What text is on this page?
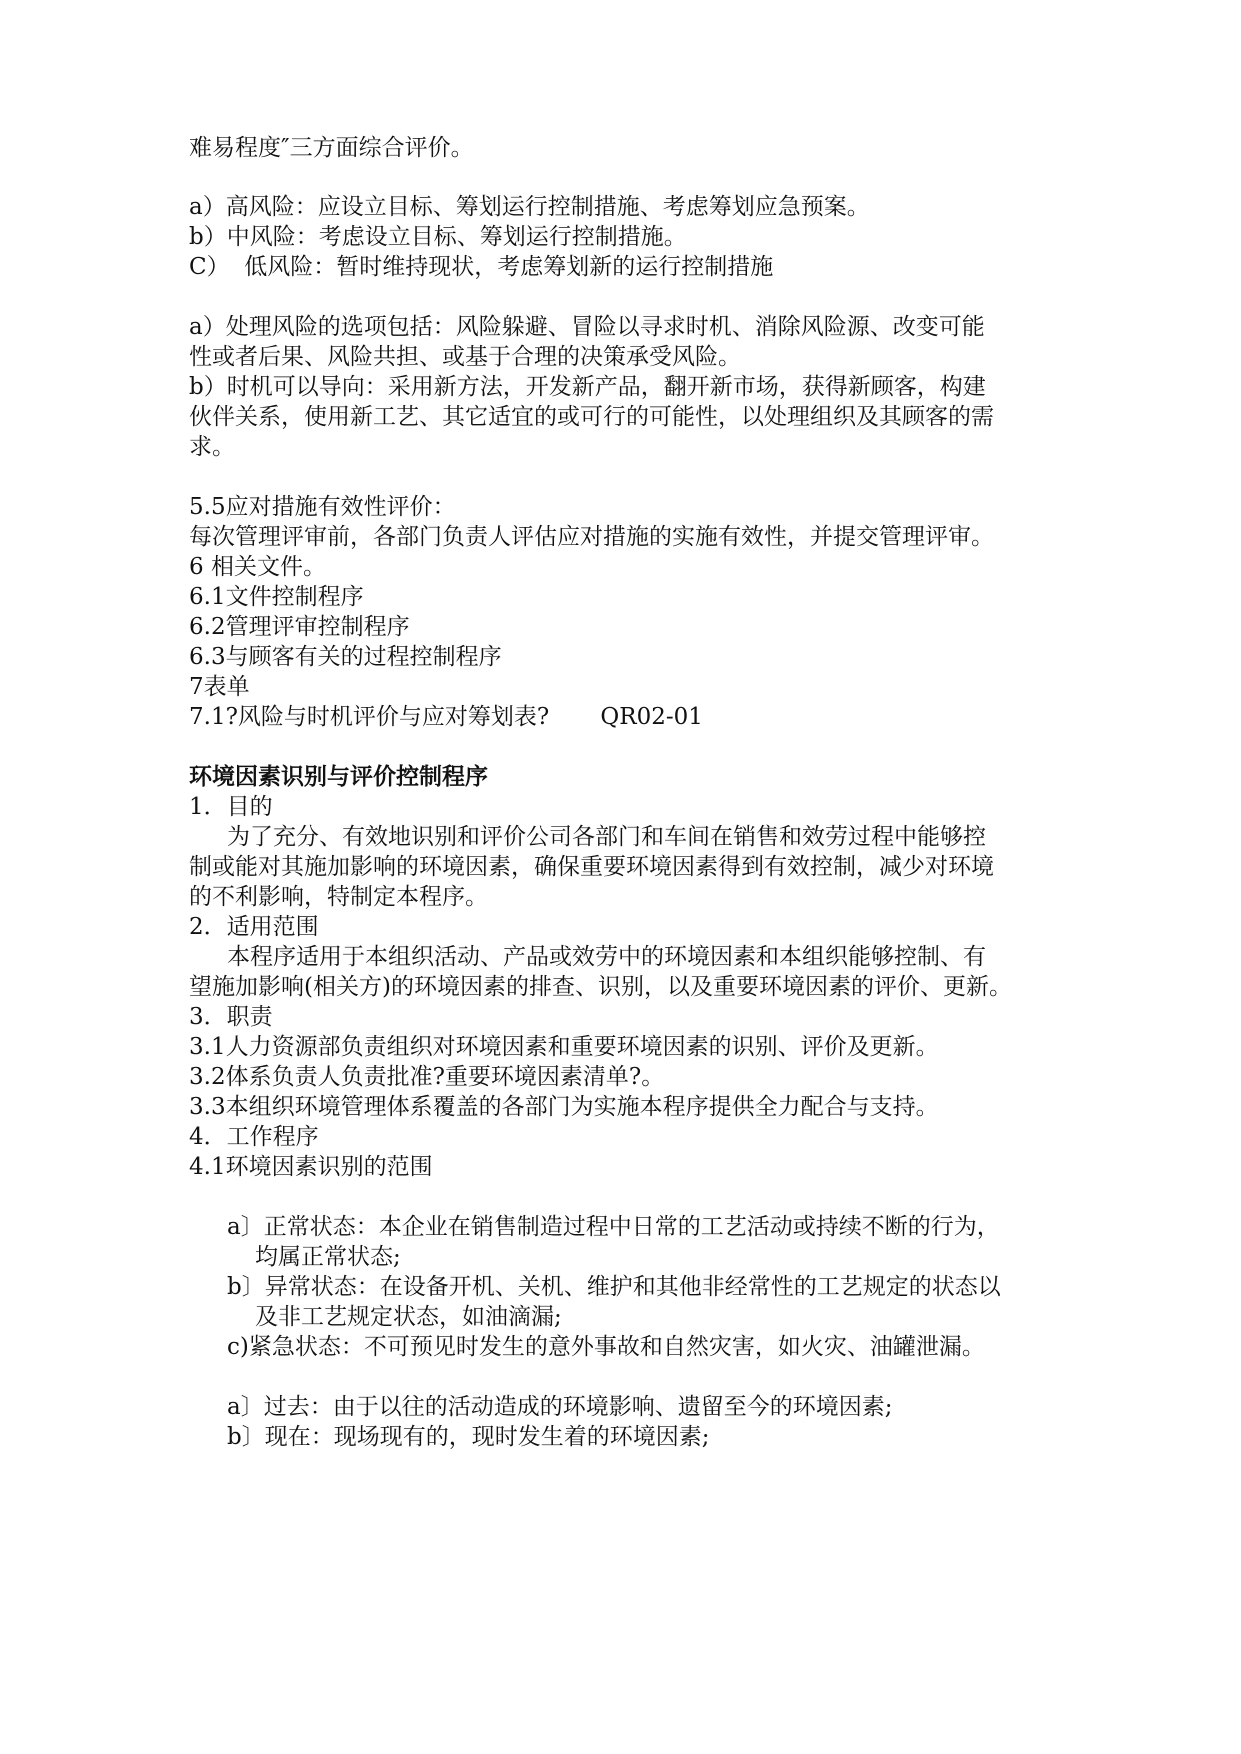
难易程度″三方面综合评价。
a）高风险：应设立目标、筹划运行控制措施、考虑筹划应急预案。
b）中风险：考虑设立目标、筹划运行控制措施。
C）  低风险：暂时维持现状，考虑筹划新的运行控制措施
a）处理风险的选项包括：风险躲避、冒险以寻求时机、消除风险源、改变可能
性或者后果、风险共担、或基于合理的决策承受风险。
b）时机可以导向：采用新方法，开发新产品，翻开新市场，获得新顾客，构建
伙伴关系，使用新工艺、其它适宜的或可行的可能性，以处理组织及其顾客的需
求。
5.5应对措施有效性评价：
每次管理评审前，各部门负责人评估应对措施的实施有效性，并提交管理评审。
6 相关文件。
6.1文件控制程序
6.2管理评审控制程序
6.3与顾客有关的过程控制程序
7表单
7.1?风险与时机评价与应对筹划表?       QR02-01
环境因素识别与评价控制程序
1．目的
为了充分、有效地识别和评价公司各部门和车间在销售和效劳过程中能够控
制或能对其施加影响的环境因素，确保重要环境因素得到有效控制，减少对环境
的不利影响，特制定本程序。
2．适用范围
本程序适用于本组织活动、产品或效劳中的环境因素和本组织能够控制、有
望施加影响(相关方)的环境因素的排查、识别，以及重要环境因素的评价、更新。
3．职责
3.1人力资源部负责组织对环境因素和重要环境因素的识别、评价及更新。
3.2体系负责人负责批准?重要环境因素清单?。
3.3本组织环境管理体系覆盖的各部门为实施本程序提供全力配合与支持。
4．工作程序
4.1环境因素识别的范围
a〕正常状态：本企业在销售制造过程中日常的工艺活动或持续不断的行为，
均属正常状态;
b〕异常状态：在设备开机、关机、维护和其他非经常性的工艺规定的状态以
及非工艺规定状态，如油滴漏;
c)紧急状态：不可预见时发生的意外事故和自然灾害，如火灾、油罐泄漏。
a〕过去：由于以往的活动造成的环境影响、遗留至今的环境因素;
b〕现在：现场现有的，现时发生着的环境因素;
